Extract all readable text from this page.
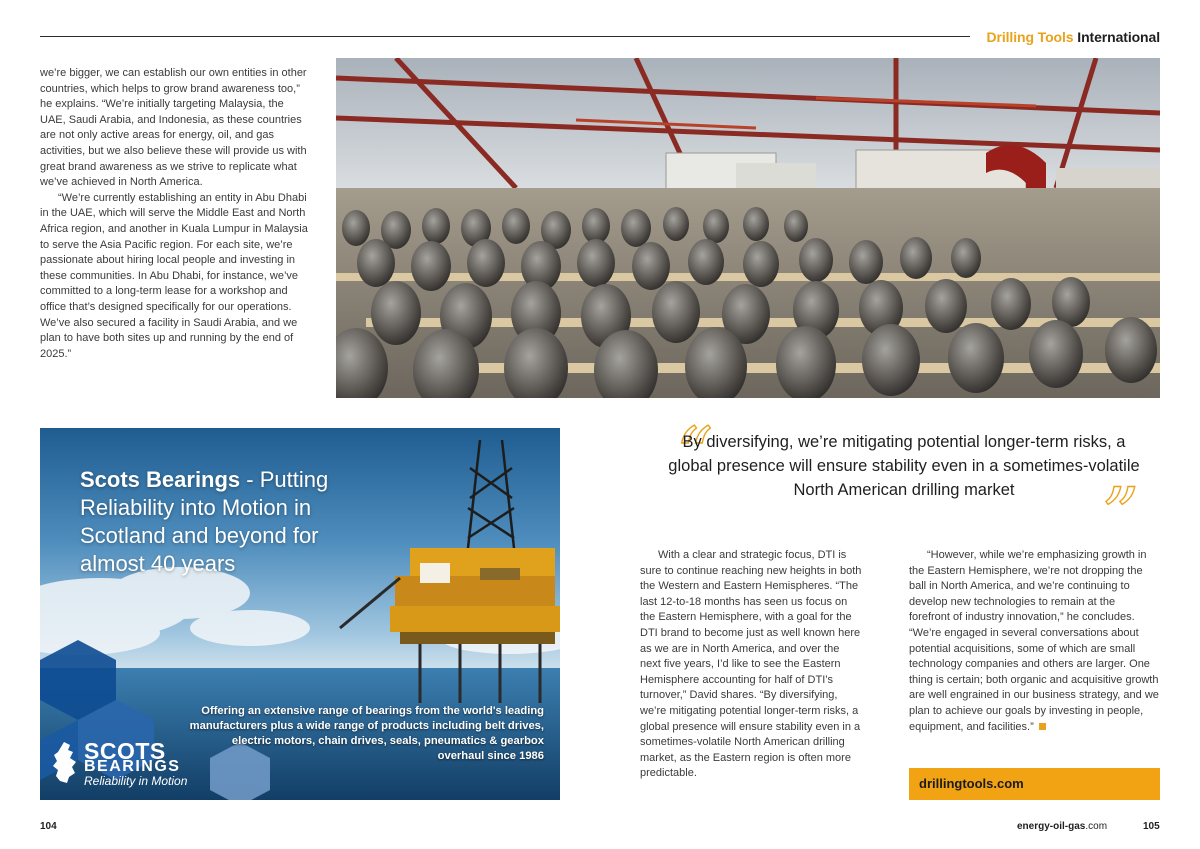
Drilling Tools International

we’re bigger, we can establish our own entities in other countries, which helps to grow brand awareness too,” he explains. “We’re initially targeting Malaysia, the UAE, Saudi Arabia, and Indonesia, as these countries are not only active areas for energy, oil, and gas activities, but we also believe these will provide us with great brand awareness as we strive to replicate what we’ve achieved in North America.

“We’re currently establishing an entity in Abu Dhabi in the UAE, which will serve the Middle East and North Africa region, and another in Kuala Lumpur in Malaysia to serve the Asia Pacific region. For each site, we’re passionate about hiring local people and investing in these communities. In Abu Dhabi, for instance, we’ve committed to a long-term lease for a workshop and office that’s designed specifically for our operations. We’ve also secured a facility in Saudi Arabia, and we plan to have both sites up and running by the end of 2025.”

Scots Bearings - Putting Reliability into Motion in Scotland and beyond for almost 40 years
Offering an extensive range of bearings from the world's leading manufacturers plus a wide range of products including belt drives, electric motors, chain drives, seals, pneumatics & gearbox overhaul since 1986
SCOTS
BEARINGS
Reliability in Motion
“
By diversifying, we’re mitigating potential longer-term risks, a global presence will ensure stability even in a sometimes-volatile North American drilling market	”

With a clear and strategic focus, DTI is sure to continue reaching new heights in both the Western and Eastern Hemispheres. “The last 12-to-18 months has seen us focus on the Eastern Hemisphere, with a goal for the DTI brand to become just as well known here as we are in North America, and over the next five years, I’d like to see the Eastern Hemisphere accounting for half of DTI’s turnover,” David shares. “By diversifying, we’re mitigating potential longer-term risks, a global presence will ensure stability even in a sometimes-volatile North American drilling market, as the Eastern region is often more predictable.

“However, while we’re emphasizing growth in the Eastern Hemisphere, we’re not dropping the ball in North America, and we’re continuing to develop new technologies to remain at the forefront of industry innovation,” he concludes. “We’re engaged in several conversations about potential acquisitions, some of which are small technology companies and others are larger. One thing is certain; both organic and acquisitive growth are well engrained in our business strategy, and we plan to achieve our goals by investing in people, equipment, and facilities.”

drillingtools.com
104	energy-oil-gas.com	105
